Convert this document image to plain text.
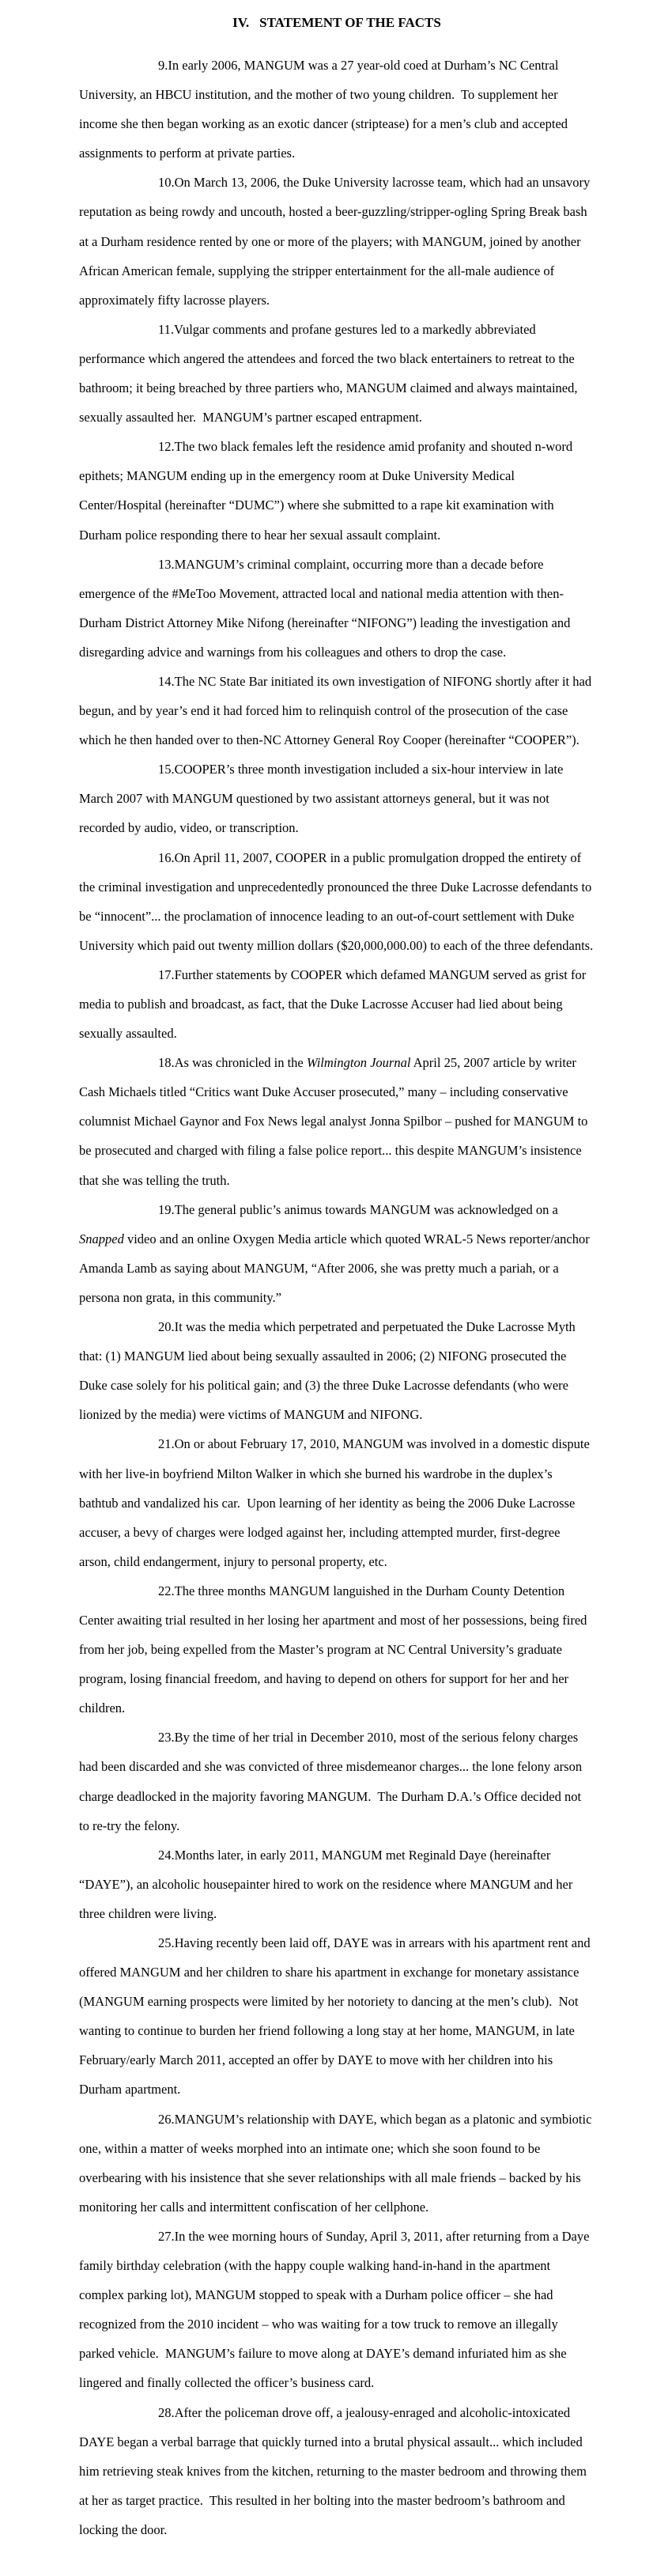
IV. STATEMENT OF THE FACTS

9.In early 2006, MANGUM was a 27 year-old coed at Durham’s NC Central University, an HBCU institution, and the mother of two young children.  To supplement her income she then began working as an exotic dancer (striptease) for a men’s club and accepted assignments to perform at private parties.

10.On March 13, 2006, the Duke University lacrosse team, which had an unsavory reputation as being rowdy and uncouth, hosted a beer-guzzling/stripper-ogling Spring Break bash at a Durham residence rented by one or more of the players; with MANGUM, joined by another African American female, supplying the stripper entertainment for the all-male audience of approximately fifty lacrosse players.

11.Vulgar comments and profane gestures led to a markedly abbreviated performance which angered the attendees and forced the two black entertainers to retreat to the bathroom; it being breached by three partiers who, MANGUM claimed and always maintained, sexually assaulted her.  MANGUM’s partner escaped entrapment.

12.The two black females left the residence amid profanity and shouted n-word epithets; MANGUM ending up in the emergency room at Duke University Medical Center/Hospital (hereinafter “DUMC”) where she submitted to a rape kit examination with Durham police responding there to hear her sexual assault complaint.

13.MANGUM’s criminal complaint, occurring more than a decade before emergence of the #MeToo Movement, attracted local and national media attention with then-Durham District Attorney Mike Nifong (hereinafter “NIFONG”) leading the investigation and disregarding advice and warnings from his colleagues and others to drop the case.

14.The NC State Bar initiated its own investigation of NIFONG shortly after it had begun, and by year’s end it had forced him to relinquish control of the prosecution of the case which he then handed over to then-NC Attorney General Roy Cooper (hereinafter “COOPER”).

15.COOPER’s three month investigation included a six-hour interview in late March 2007 with MANGUM questioned by two assistant attorneys general, but it was not recorded by audio, video, or transcription.

16.On April 11, 2007, COOPER in a public promulgation dropped the entirety of the criminal investigation and unprecedentedly pronounced the three Duke Lacrosse defendants to be “innocent”... the proclamation of innocence leading to an out-of-court settlement with Duke University which paid out twenty million dollars ($20,000,000.00) to each of the three defendants.

17.Further statements by COOPER which defamed MANGUM served as grist for media to publish and broadcast, as fact, that the Duke Lacrosse Accuser had lied about being sexually assaulted.

18.As was chronicled in the Wilmington Journal April 25, 2007 article by writer Cash Michaels titled “Critics want Duke Accuser prosecuted,” many – including conservative columnist Michael Gaynor and Fox News legal analyst Jonna Spilbor – pushed for MANGUM to be prosecuted and charged with filing a false police report... this despite MANGUM’s insistence that she was telling the truth.

19.The general public’s animus towards MANGUM was acknowledged on a Snapped video and an online Oxygen Media article which quoted WRAL-5 News reporter/anchor Amanda Lamb as saying about MANGUM, “After 2006, she was pretty much a pariah, or a persona non grata, in this community.”

20.It was the media which perpetrated and perpetuated the Duke Lacrosse Myth that: (1) MANGUM lied about being sexually assaulted in 2006; (2) NIFONG prosecuted the Duke case solely for his political gain; and (3) the three Duke Lacrosse defendants (who were lionized by the media) were victims of MANGUM and NIFONG.

21.On or about February 17, 2010, MANGUM was involved in a domestic dispute with her live-in boyfriend Milton Walker in which she burned his wardrobe in the duplex’s bathtub and vandalized his car.  Upon learning of her identity as being the 2006 Duke Lacrosse accuser, a bevy of charges were lodged against her, including attempted murder, first-degree arson, child endangerment, injury to personal property, etc.

22.The three months MANGUM languished in the Durham County Detention Center awaiting trial resulted in her losing her apartment and most of her possessions, being fired from her job, being expelled from the Master’s program at NC Central University’s graduate program, losing financial freedom, and having to depend on others for support for her and her children.

23.By the time of her trial in December 2010, most of the serious felony charges had been discarded and she was convicted of three misdemeanor charges... the lone felony arson charge deadlocked in the majority favoring MANGUM.  The Durham D.A.’s Office decided not to re-try the felony.

24.Months later, in early 2011, MANGUM met Reginald Daye (hereinafter “DAYE”), an alcoholic housepainter hired to work on the residence where MANGUM and her three children were living.

25.Having recently been laid off, DAYE was in arrears with his apartment rent and offered MANGUM and her children to share his apartment in exchange for monetary assistance (MANGUM earning prospects were limited by her notoriety to dancing at the men’s club).  Not wanting to continue to burden her friend following a long stay at her home, MANGUM, in late February/early March 2011, accepted an offer by DAYE to move with her children into his Durham apartment.

26.MANGUM’s relationship with DAYE, which began as a platonic and symbiotic one, within a matter of weeks morphed into an intimate one; which she soon found to be overbearing with his insistence that she sever relationships with all male friends – backed by his monitoring her calls and intermittent confiscation of her cellphone.

27.In the wee morning hours of Sunday, April 3, 2011, after returning from a Daye family birthday celebration (with the happy couple walking hand-in-hand in the apartment complex parking lot), MANGUM stopped to speak with a Durham police officer – she had recognized from the 2010 incident – who was waiting for a tow truck to remove an illegally parked vehicle.  MANGUM’s failure to move along at DAYE’s demand infuriated him as she lingered and finally collected the officer’s business card.

28.After the policeman drove off, a jealousy-enraged and alcoholic-intoxicated DAYE began a verbal barrage that quickly turned into a brutal physical assault... which included him retrieving steak knives from the kitchen, returning to the master bedroom and throwing them at her as target practice.  This resulted in her bolting into the master bedroom’s bathroom and locking the door.
